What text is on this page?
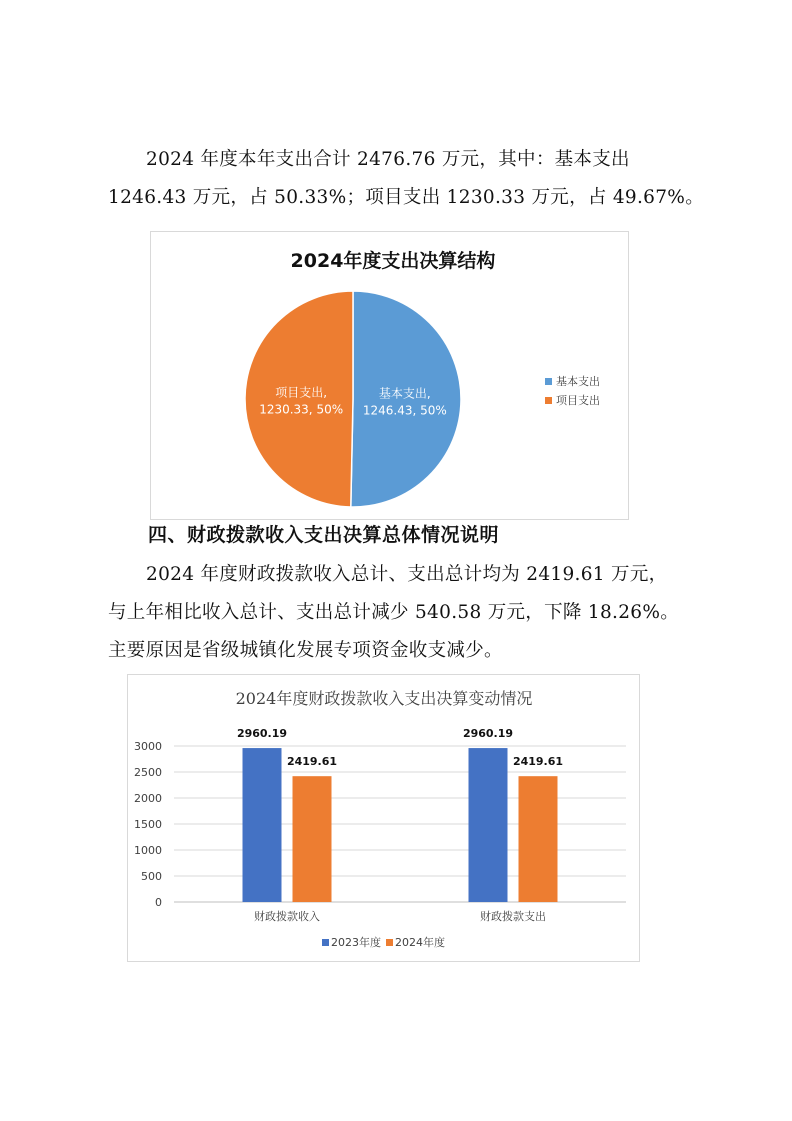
2024 年度本年支出合计 2476.76 万元，其中：基本支出
1246.43 万元，占 50.33%；项目支出 1230.33 万元，占 49.67%。
2024年度支出决算结构
基本支出,
1246.43, 50%
项目支出,
1230.33, 50%
基本支出
项目支出
四、财政拨款收入支出决算总体情况说明
2024 年度财政拨款收入总计、支出总计均为 2419.61 万元，
与上年相比收入总计、支出总计减少 540.58 万元，下降 18.26%。
主要原因是省级城镇化发展专项资金收支减少。
2024年度财政拨款收入支出决算变动情况
0
500
1000
1500
2000
2500
3000
2960.19
2419.61
2960.19
2419.61
财政拨款收入	财政拨款支出
2023年度 2024年度
